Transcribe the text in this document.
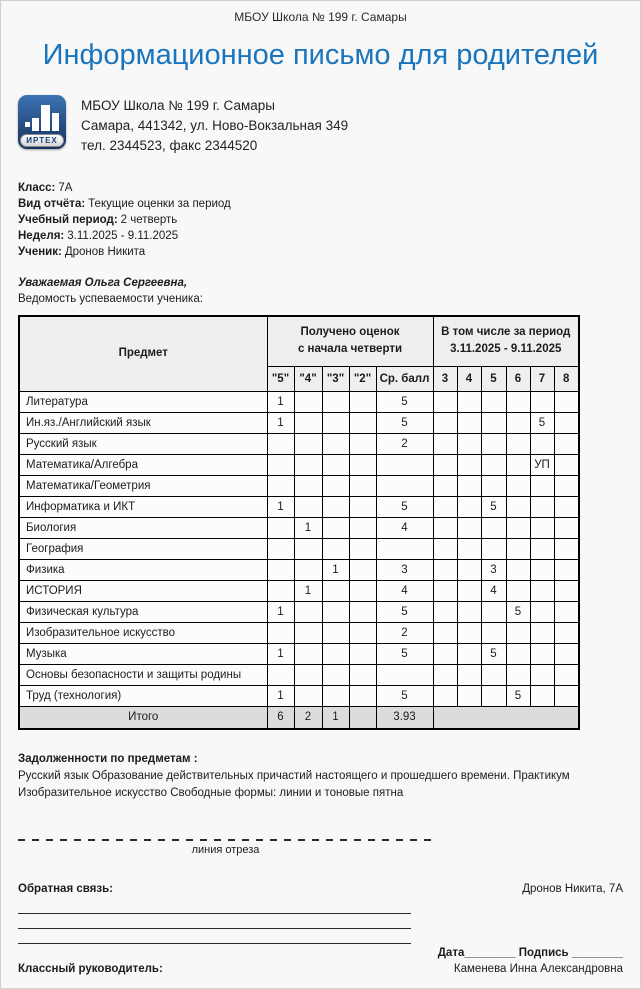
МБОУ Школа № 199 г. Самары
Информационное письмо для родителей
ИРТЕХ
МБОУ Школа № 199 г. Самары
Самара, 441342, ул. Ново-Вокзальная 349
тел. 2344523, факс 2344520
Класс: 7А
Вид отчёта: Текущие оценки за период
Учебный период: 2 четверть
Неделя: 3.11.2025 - 9.11.2025
Ученик: Дронов Никита
Уважаемая Ольга Сергеевна,
Ведомость успеваемости ученика:
Предмет	Получено оценок
с начала четверти					В том числе за период
3.11.2025 - 9.11.2025					
	"5"	"4"	"3"	"2"	Ср. балл	3	4	5	6	7	8
Литература	1				5						
Ин.яз./Английский язык	1				5					5	
Русский язык					2						
Математика/Алгебра										УП	
Математика/Геометрия											
Информатика и ИКТ	1				5			5			
Биология		1			4						
География											
Физика			1		3			3			
ИСТОРИЯ		1			4			4			
Физическая культура	1				5				5		
Изобразительное искусство					2						
Музыка	1				5			5			
Основы безопасности и защиты родины											
Труд (технология)	1				5				5		
Итого	6	2	1		3.93						
Задолженности по предметам :
Русский язык Образование действительных причастий настоящего и прошедшего времени. Практикум
Изобразительное искусство Свободные формы: линии и тоновые пятна
линия отреза
Обратная связь:	Дронов Никита, 7А
Дата________ Подпись ________
Классный руководитель:	Каменева Инна Александровна
